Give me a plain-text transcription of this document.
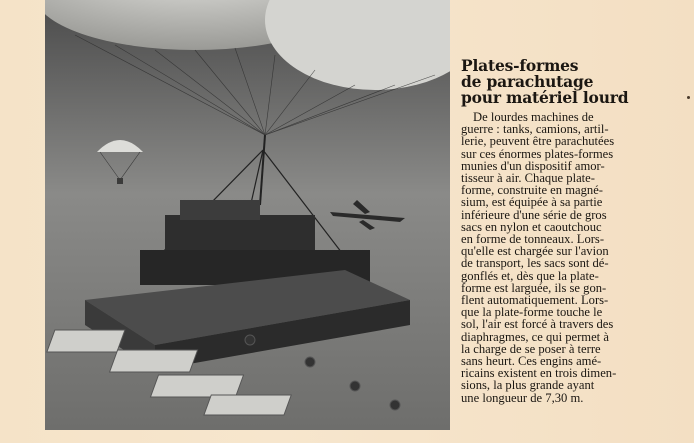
Plates-formes
de parachutage
pour matériel lourd

De lourdes machines de
guerre : tanks, camions, artil-
lerie, peuvent être parachutées
sur ces énormes plates-formes
munies d'un dispositif amor-
tisseur à air. Chaque plate-
forme, construite en magné-
sium, est équipée à sa partie
inférieure d'une série de gros
sacs en nylon et caoutchouc
en forme de tonneaux. Lors-
qu'elle est chargée sur l'avion
de transport, les sacs sont dé-
gonflés et, dès que la plate-
forme est larguée, ils se gon-
flent automatiquement. Lors-
que la plate-forme touche le
sol, l'air est forcé à travers des
diaphragmes, ce qui permet à
la charge de se poser à terre
sans heurt. Ces engins amé-
ricains existent en trois dimen-
sions, la plus grande ayant
une longueur de 7,30 m.
